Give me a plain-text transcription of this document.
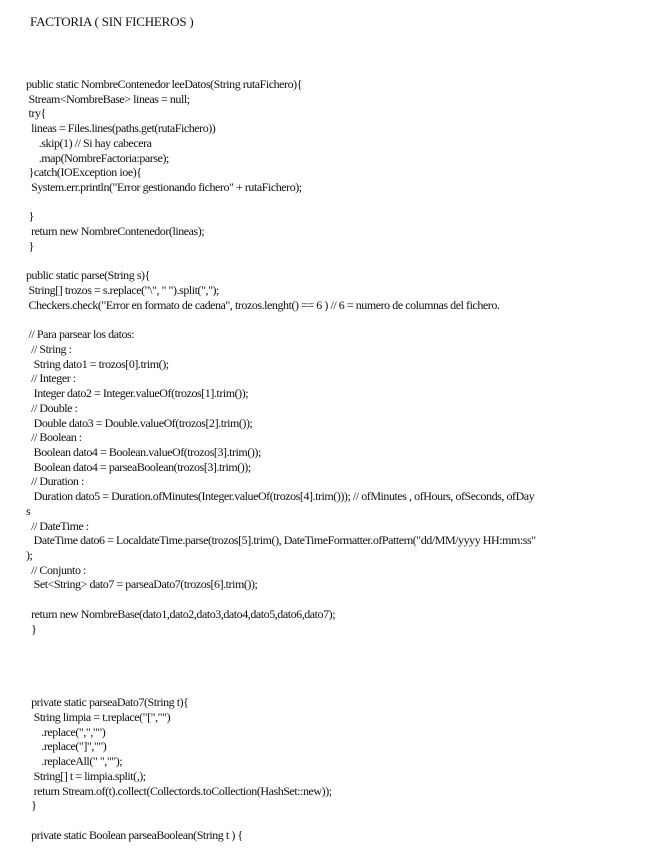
FACTORIA ( SIN FICHEROS )
public static NombreContenedor leeDatos(String rutaFichero){
Stream<NombreBase> lineas = null;
try{
lineas = Files.lines(paths.get(rutaFichero))
.skip(1) // Si hay cabecera
.map(NombreFactoria:parse);
}catch(IOException ioe){
System.err.println("Error gestionando fichero" + rutaFichero);
}
return new NombreContenedor(lineas);
}
public static parse(String s){
String[] trozos = s.replace("\", " ").split(",");
Checkers.check("Error en formato de cadena", trozos.lenght() == 6 ) // 6 = numero de columnas del fichero.
// Para parsear los datos:
// String :
String dato1 = trozos[0].trim();
// Integer :
Integer dato2 = Integer.valueOf(trozos[1].trim());
// Double :
Double dato3 = Double.valueOf(trozos[2].trim());
// Boolean :
Boolean dato4 = Boolean.valueOf(trozos[3].trim());
Boolean dato4 = parseaBoolean(trozos[3].trim());
// Duration :
Duration dato5 = Duration.ofMinutes(Integer.valueOf(trozos[4].trim())); // ofMinutes , ofHours, ofSeconds, ofDay
s
// DateTime :
DateTime dato6 = LocaldateTime.parse(trozos[5].trim(), DateTimeFormatter.ofPattern("dd/MM/yyyy HH:mm:ss"
);
// Conjunto :
Set<String> dato7 = parseaDato7(trozos[6].trim());
return new NombreBase(dato1,dato2,dato3,dato4,dato5,dato6,dato7);
}
private static parseaDato7(String t){
String limpia = t.replace("[","")
.replace(",","")
.replace("]","")
.replaceAll(" ","");
String[] t = limpia.split(,);
return Stream.of(t).collect(Collectords.toCollection(HashSet::new));
}
private static Boolean parseaBoolean(String t ) {
